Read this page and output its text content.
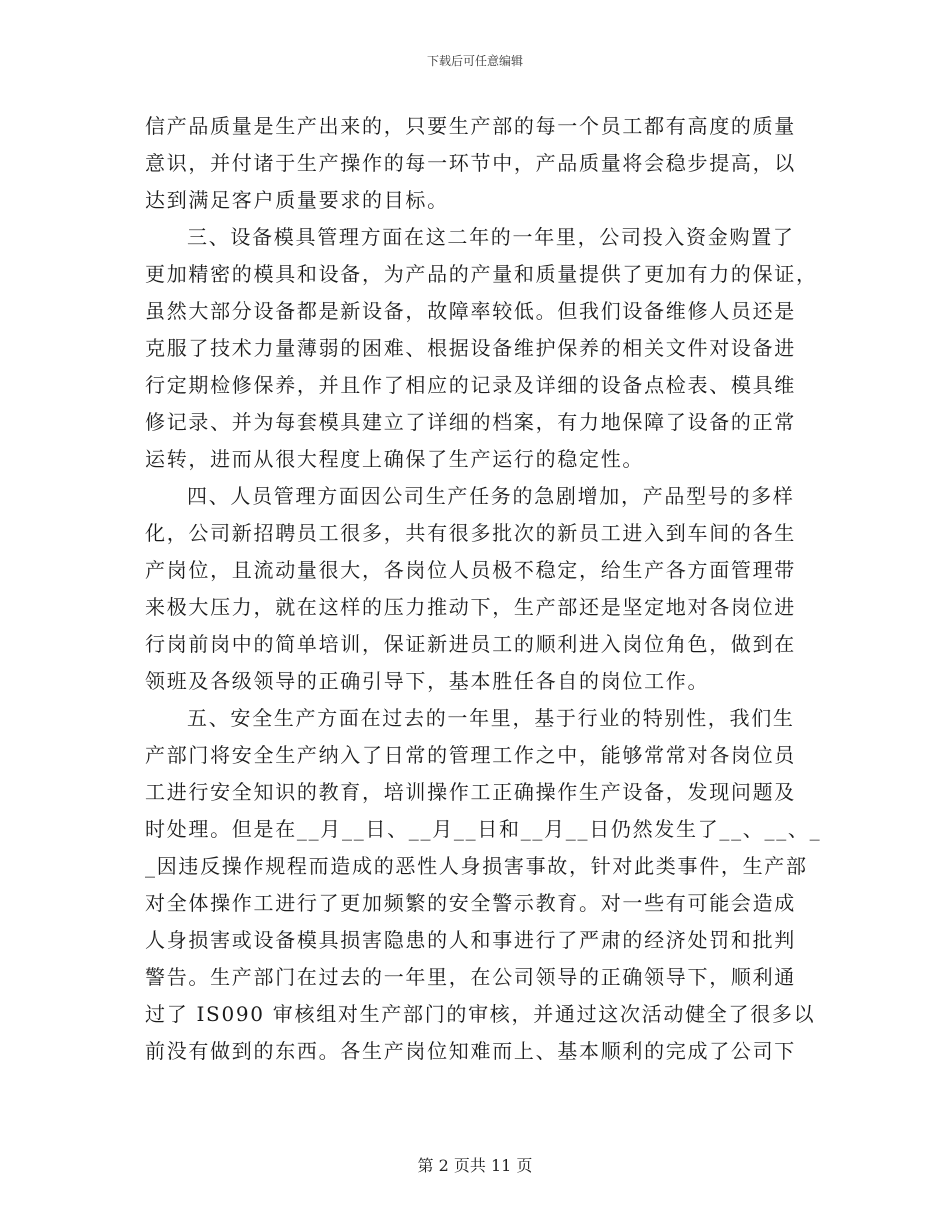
下载后可任意编辑
信产品质量是生产出来的，只要生产部的每一个员工都有高度的质量
意识，并付诸于生产操作的每一环节中，产品质量将会稳步提高，以
达到满足客户质量要求的目标。
三、设备模具管理方面在这二年的一年里，公司投入资金购置了
更加精密的模具和设备，为产品的产量和质量提供了更加有力的保证，
虽然大部分设备都是新设备，故障率较低。但我们设备维修人员还是
克服了技术力量薄弱的困难、根据设备维护保养的相关文件对设备进
行定期检修保养，并且作了相应的记录及详细的设备点检表、模具维
修记录、并为每套模具建立了详细的档案，有力地保障了设备的正常
运转，进而从很大程度上确保了生产运行的稳定性。
四、人员管理方面因公司生产任务的急剧增加，产品型号的多样
化，公司新招聘员工很多，共有很多批次的新员工进入到车间的各生
产岗位，且流动量很大，各岗位人员极不稳定，给生产各方面管理带
来极大压力，就在这样的压力推动下，生产部还是坚定地对各岗位进
行岗前岗中的简单培训，保证新进员工的顺利进入岗位角色，做到在
领班及各级领导的正确引导下，基本胜任各自的岗位工作。
五、安全生产方面在过去的一年里，基于行业的特别性，我们生
产部门将安全生产纳入了日常的管理工作之中，能够常常对各岗位员
工进行安全知识的教育，培训操作工正确操作生产设备，发现问题及
时处理。但是在__月__日、__月__日和__月__日仍然发生了__、__、_
_因违反操作规程而造成的恶性人身损害事故，针对此类事件，生产部
对全体操作工进行了更加频繁的安全警示教育。对一些有可能会造成
人身损害或设备模具损害隐患的人和事进行了严肃的经济处罚和批判
警告。生产部门在过去的一年里，在公司领导的正确领导下，顺利通
过了 IS090 审核组对生产部门的审核，并通过这次活动健全了很多以
前没有做到的东西。各生产岗位知难而上、基本顺利的完成了公司下
第 2 页共 11 页
